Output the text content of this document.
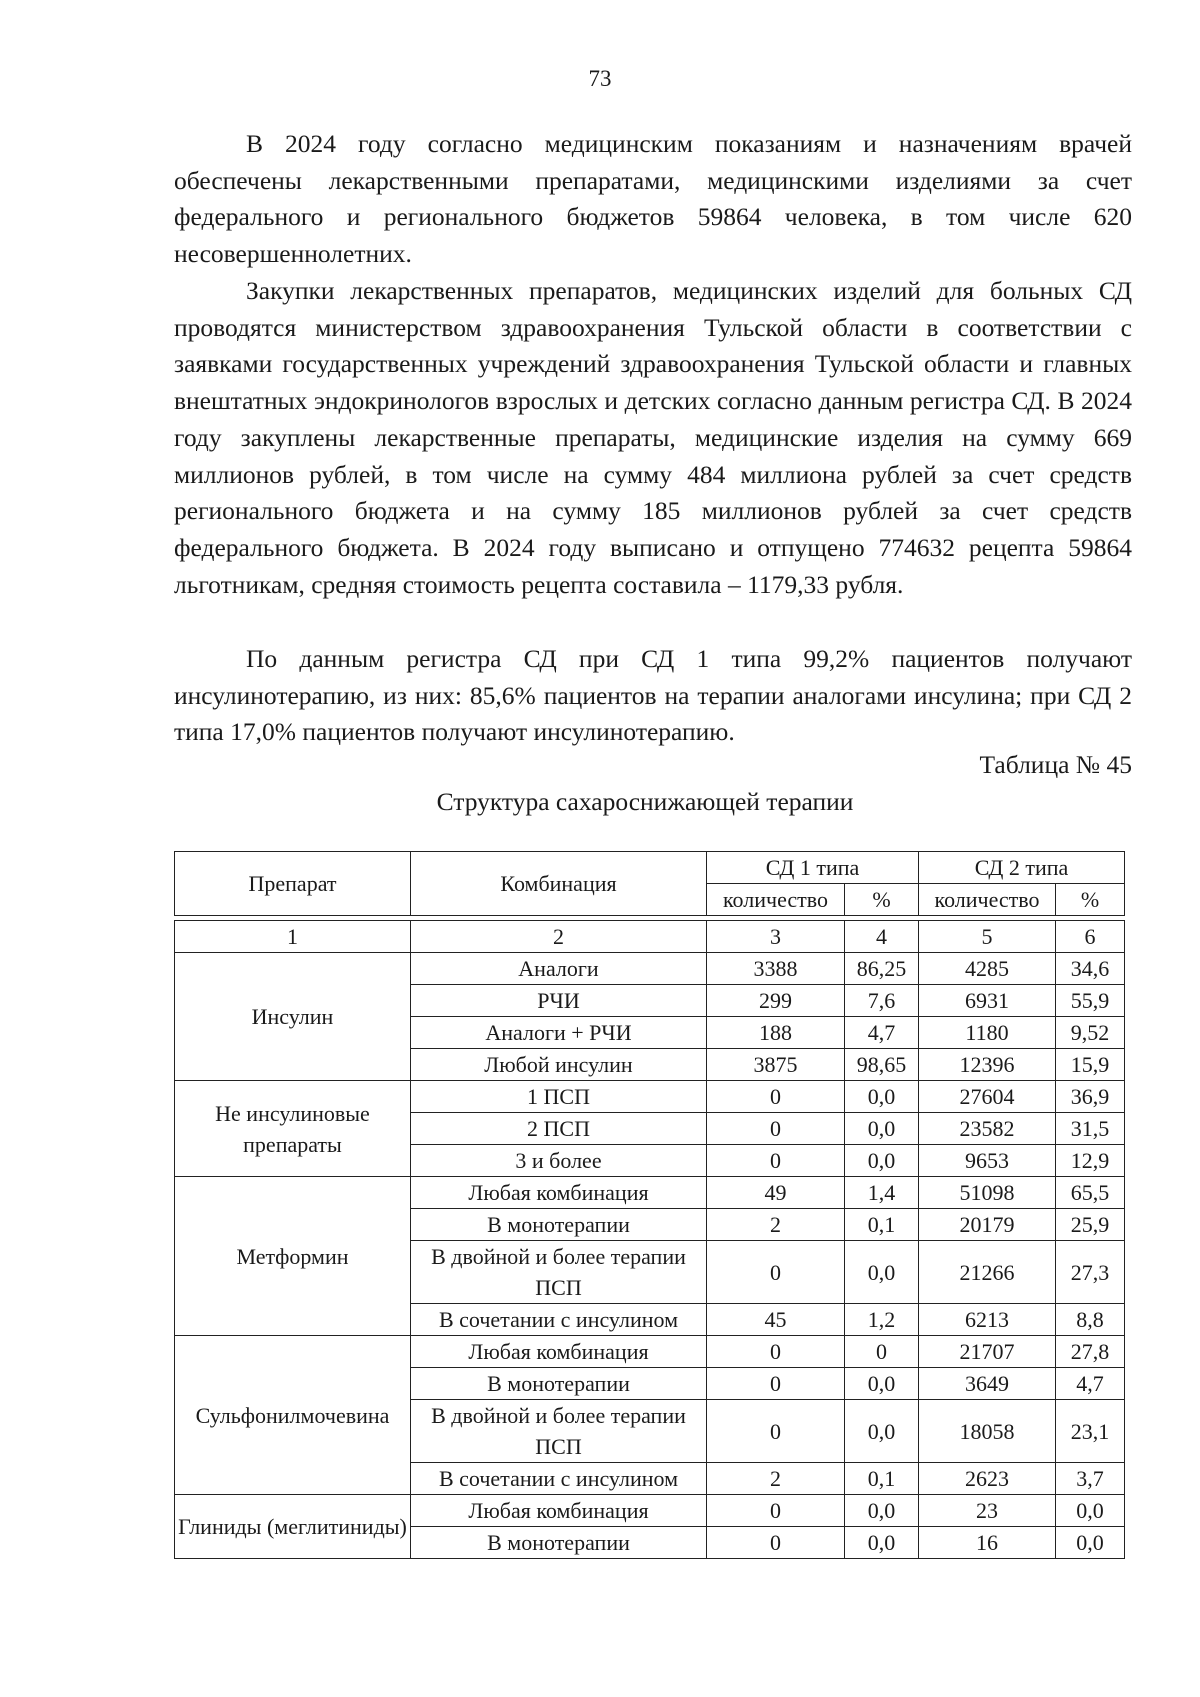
73

В 2024 году согласно медицинским показаниям и назначениям врачей обеспечены лекарственными препаратами, медицинскими изделиями за счет федерального и регионального бюджетов 59864 человека, в том числе 620 несовершеннолетних.

Закупки лекарственных препаратов, медицинских изделий для больных СД проводятся министерством здравоохранения Тульской области в соответствии с заявками государственных учреждений здравоохранения Тульской области и главных внештатных эндокринологов взрослых и детских согласно данным регистра СД. В 2024 году закуплены лекарственные препараты, медицинские изделия на сумму 669 миллионов рублей, в том числе на сумму 484 миллиона рублей за счет средств регионального бюджета и на сумму 185 миллионов рублей за счет средств федерального бюджета. В 2024 году выписано и отпущено 774632 рецепта 59864 льготникам, средняя стоимость рецепта составила – 1179,33 рубля.

По данным регистра СД при СД 1 типа 99,2% пациентов получают инсулинотерапию, из них: 85,6% пациентов на терапии аналогами инсулина; при СД 2 типа 17,0% пациентов получают инсулинотерапию.

Таблица № 45
Структура сахароснижающей терапии
Препарат	Комбинация	СД 1 типа		СД 2 типа	
		количество	%	количество	%

1	2	3	4	5	6
Инсулин	Аналоги	3388	86,25	4285	34,6
	РЧИ	299	7,6	6931	55,9
	Аналоги + РЧИ	188	4,7	1180	9,52
	Любой инсулин	3875	98,65	12396	15,9
Не инсулиновые препараты	1 ПСП	0	0,0	27604	36,9
	2 ПСП	0	0,0	23582	31,5
	3 и более	0	0,0	9653	12,9
Метформин	Любая комбинация	49	1,4	51098	65,5
	В монотерапии	2	0,1	20179	25,9
	В двойной и более терапии ПСП	0	0,0	21266	27,3
	В сочетании с инсулином	45	1,2	6213	8,8
Сульфонилмочевина	Любая комбинация	0	0	21707	27,8
	В монотерапии	0	0,0	3649	4,7
	В двойной и более терапии ПСП	0	0,0	18058	23,1
	В сочетании с инсулином	2	0,1	2623	3,7
Глиниды (меглитиниды)	Любая комбинация	0	0,0	23	0,0
	В монотерапии	0	0,0	16	0,0
